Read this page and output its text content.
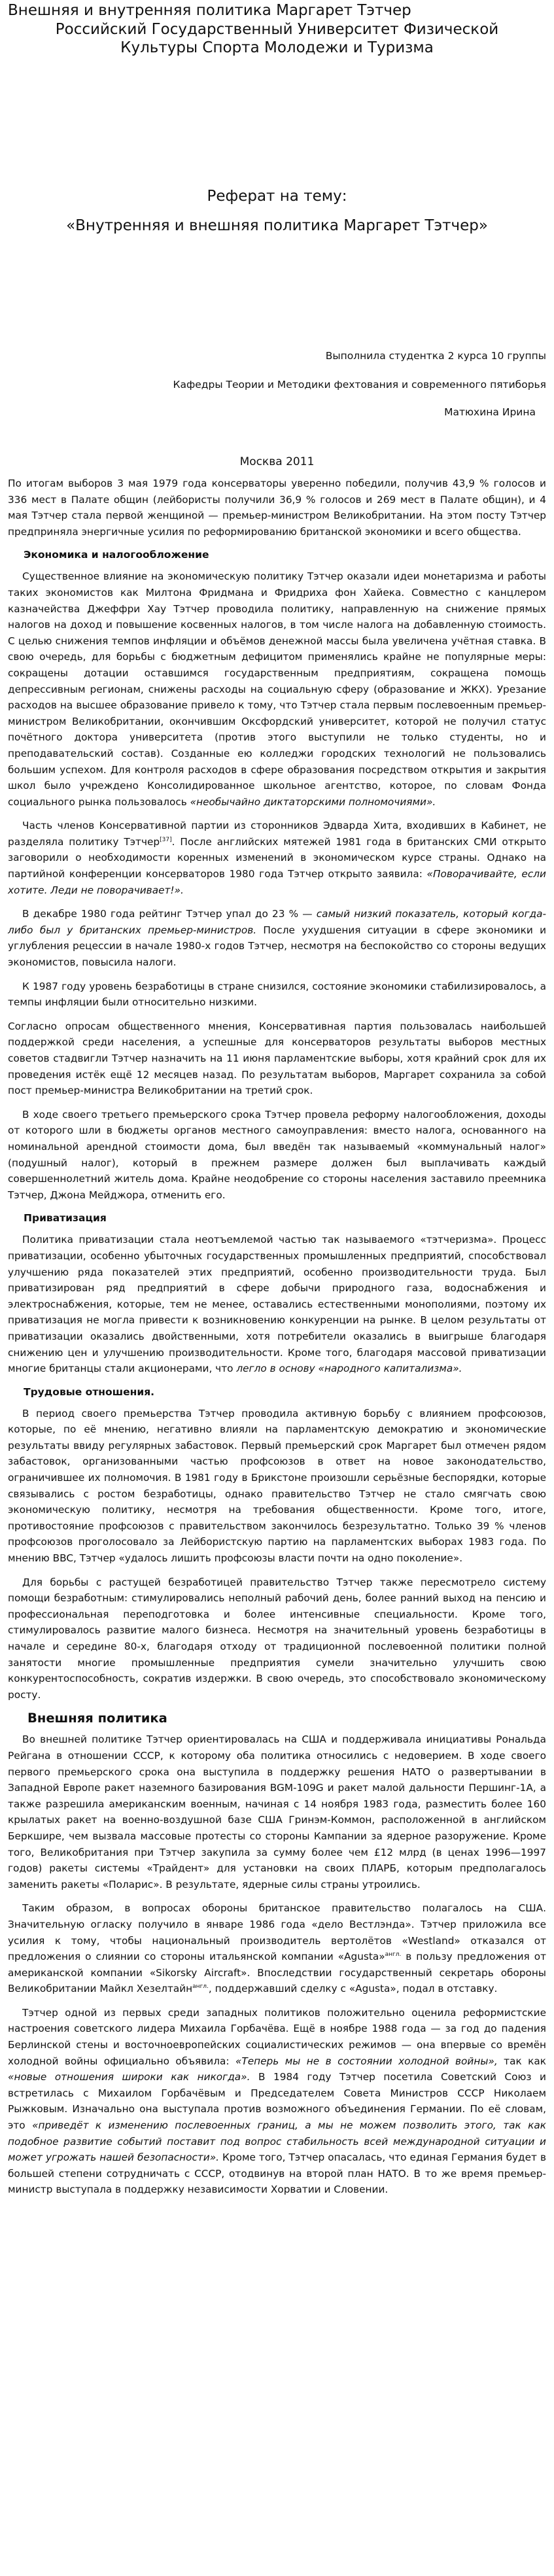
Внешняя и внутренняя политика Маргарет Тэтчер

Российский Государственный Университет Физической

Культуры Спорта Молодежи и Туризма

Реферат на тему:

«Внутренняя и внешняя политика Маргарет Тэтчер»

Выполнила студентка 2 курса 10 группы

Кафедры Теории и Методики фехтования и современного пятиборья

Матюхина Ирина

Москва 2011

По итогам выборов 3 мая 1979 года консерваторы уверенно победили, получив 43,9 % голосов и 336 мест в Палате общин (лейбористы получили 36,9 % голосов и 269 мест в Палате общин), и 4 мая Тэтчер стала первой женщиной — премьер-министром Великобритании. На этом посту Тэтчер предприняла энергичные усилия по реформированию британской экономики и всего общества.

Экономика и налогообложение

Существенное влияние на экономическую политику Тэтчер оказали идеи монетаризма и работы таких экономистов как Милтона Фридмана и Фридриха фон Хайека. Совместно с канцлером казначейства Джеффри Хау Тэтчер проводила политику, направленную на снижение прямых налогов на доход и повышение косвенных налогов, в том числе налога на добавленную стоимость. С целью снижения темпов инфляции и объёмов денежной массы была увеличена учётная ставка. В свою очередь, для борьбы с бюджетным дефицитом применялись крайне не популярные меры: сокращены дотации оставшимся государственным предприятиям, сокращена помощь депрессивным регионам, снижены расходы на социальную сферу (образование и ЖКХ). Урезание расходов на высшее образование привело к тому, что Тэтчер стала первым послевоенным премьер-министром Великобритании, окончившим Оксфордский университет, которой не получил статус почётного доктора университета (против этого выступили не только студенты, но и преподавательский состав). Созданные ею колледжи городских технологий не пользовались большим успехом. Для контроля расходов в сфере образования посредством открытия и закрытия школ было учреждено Консолидированное школьное агентство, которое, по словам Фонда социального рынка пользовалось «необычайно диктаторскими полномочиями».

Часть членов Консервативной партии из сторонников Эдварда Хита, входивших в Кабинет, не разделяла политику Тэтчер[37]. После английских мятежей 1981 года в британских СМИ открыто заговорили о необходимости коренных изменений в экономическом курсе страны. Однако на партийной конференции консерваторов 1980 года Тэтчер открыто заявила: «Поворачивайте, если хотите. Леди не поворачивает!».

В декабре 1980 года рейтинг Тэтчер упал до 23 % — самый низкий показатель, который когда-либо был у британских премьер-министров. После ухудшения ситуации в сфере экономики и углубления рецессии в начале 1980-х годов Тэтчер, несмотря на беспокойство со стороны ведущих экономистов, повысила налоги.

К 1987 году уровень безработицы в стране снизился, состояние экономики стабилизировалось, а темпы инфляции были относительно низкими.

Согласно опросам общественного мнения, Консервативная партия пользовалась наибольшей поддержкой среди населения, а успешные для консерваторов результаты выборов местных советов стадвигли Тэтчер назначить на 11 июня парламентские выборы, хотя крайний срок для их проведения истёк ещё 12 месяцев назад. По результатам выборов, Маргарет сохранила за собой пост премьер-министра Великобритании на третий срок.

В ходе своего третьего премьерского срока Тэтчер провела реформу налогообложения, доходы от которого шли в бюджеты органов местного самоуправления: вместо налога, основанного на номинальной арендной стоимости дома, был введён так называемый «коммунальный налог» (подушный налог), который в прежнем размере должен был выплачивать каждый совершеннолетний житель дома. Крайне неодобрение со стороны населения заставило преемника Тэтчер, Джона Мейджора, отменить его.

Приватизация

Политика приватизации стала неотъемлемой частью так называемого «тэтчеризма». Процесс приватизации, особенно убыточных государственных промышленных предприятий, способствовал улучшению ряда показателей этих предприятий, особенно производительности труда. Был приватизирован ряд предприятий в сфере добычи природного газа, водоснабжения и электроснабжения, которые, тем не менее, оставались естественными монополиями, поэтому их приватизация не могла привести к возникновению конкуренции на рынке. В целом результаты от приватизации оказались двойственными, хотя потребители оказались в выигрыше благодаря снижению цен и улучшению производительности. Кроме того, благодаря массовой приватизации многие британцы стали акционерами, что легло в основу «народного капитализма».

Трудовые отношения.

В период своего премьерства Тэтчер проводила активную борьбу с влиянием профсоюзов, которые, по её мнению, негативно влияли на парламентскую демократию и экономические результаты ввиду регулярных забастовок. Первый премьерский срок Маргарет был отмечен рядом забастовок, организованными частью профсоюзов в ответ на новое законодательство, ограничившее их полномочия. В 1981 году в Брикстоне произошли серьёзные беспорядки, которые связывались с ростом безработицы, однако правительство Тэтчер не стало смягчать свою экономическую политику, несмотря на требования общественности. Кроме того, итоге, противостояние профсоюзов с правительством закончилось безрезультатно. Только 39 % членов профсоюзов проголосовало за Лейбористскую партию на парламентских выборах 1983 года. По мнению BBC, Тэтчер «удалось лишить профсоюзы власти почти на одно поколение».

Для борьбы с растущей безработицей правительство Тэтчер также пересмотрело систему помощи безработным: стимулировались неполный рабочий день, более ранний выход на пенсию и профессиональная переподготовка и более интенсивные специальности. Кроме того, стимулировалось развитие малого бизнеса. Несмотря на значительный уровень безработицы в начале и середине 80-х, благодаря отходу от традиционной послевоенной политики полной занятости многие промышленные предприятия сумели значительно улучшить свою конкурентоспособность, сократив издержки. В свою очередь, это способствовало экономическому росту.

Внешняя политика

Во внешней политике Тэтчер ориентировалась на США и поддерживала инициативы Рональда Рейгана в отношении СССР, к которому оба политика относились с недоверием. В ходе своего первого премьерского срока она выступила в поддержку решения НАТО о развертывании в Западной Европе ракет наземного базирования BGM-109G и ракет малой дальности Першинг-1А, а также разрешила американским военным, начиная с 14 ноября 1983 года, разместить более 160 крылатых ракет на военно-воздушной базе США Гринэм-Коммон, расположенной в английском Беркшире, чем вызвала массовые протесты со стороны Кампании за ядерное разоружение. Кроме того, Великобритания при Тэтчер закупила за сумму более чем £12 млрд (в ценах 1996—1997 годов) ракеты системы «Трайдент» для установки на своих ПЛАРБ, которым предполагалось заменить ракеты «Поларис». В результате, ядерные силы страны утроились.

Таким образом, в вопросах обороны британское правительство полагалось на США. Значительную огласку получило в январе 1986 года «дело Вестлэнда». Тэтчер приложила все усилия к тому, чтобы национальный производитель вертолётов «Westland» отказался от предложения о слиянии со стороны итальянской компании «Agusta»$^{англ.}$ в пользу предложения от американской компании «Sikorsky Aircraft». Впоследствии государственный секретарь обороны Великобритании Майкл Хезелтайн$^{англ.}$, поддержавший сделку с «Agusta», подал в отставку.

Тэтчер одной из первых среди западных политиков положительно оценила реформистские настроения советского лидера Михаила Горбачёва. Ещё в ноябре 1988 года — за год до падения Берлинской стены и восточноевропейских социалистических режимов — она впервые со времён холодной войны официально объявила: «Теперь мы не в состоянии холодной войны», так как «новые отношения широки как никогда». В 1984 году Тэтчер посетила Советский Союз и встретилась с Михаилом Горбачёвым и Председателем Совета Министров СССР Николаем Рыжковым. Изначально она выступала против возможного объединения Германии. По её словам, это «приведёт к изменению послевоенных границ, а мы не можем позволить этого, так как подобное развитие событий поставит под вопрос стабильность всей международной ситуации и может угрожать нашей безопасности». Кроме того, Тэтчер опасалась, что единая Германия будет в большей степени сотрудничать с СССР, отодвинув на второй план НАТО. В то же время премьер-министр выступала в поддержку независимости Хорватии и Словении.
